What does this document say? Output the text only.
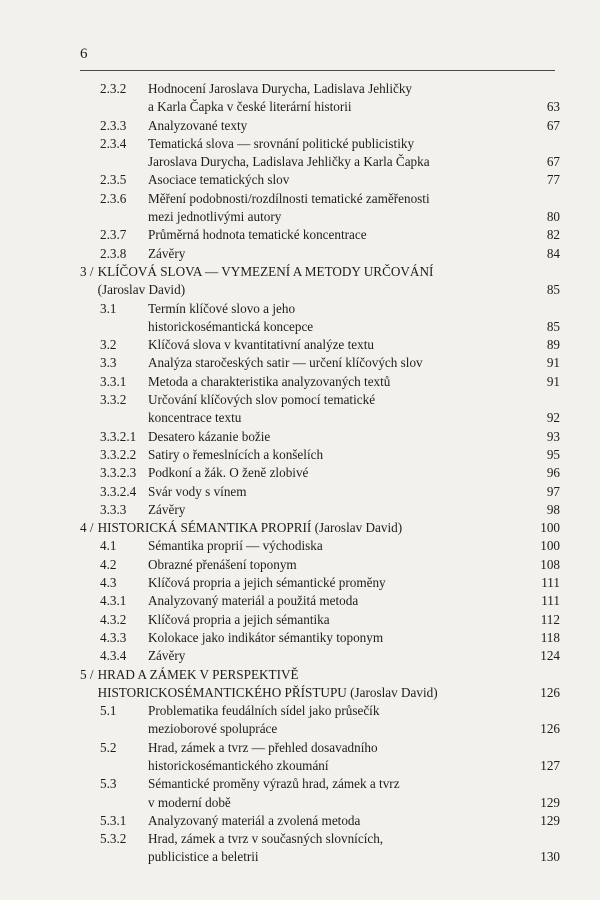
6
2.3.2	Hodnocení Jaroslava Durycha, Ladislava Jehličky
a Karla Čapka v české literární historii	63
2.3.3	Analyzované texty	67
2.3.4	Tematická slova — srovnání politické publicistiky
Jaroslava Durycha, Ladislava Jehličky a Karla Čapka	67
2.3.5	Asociace tematických slov	77
2.3.6	Měření podobnosti/rozdílnosti tematické zaměřenosti
mezi jednotlivými autory	80
2.3.7	Průměrná hodnota tematické koncentrace	82
2.3.8	Závěry	84
3 / KLÍČOVÁ SLOVA — VYMEZENÍ A METODY URČOVÁNÍ
(Jaroslav David)	85
3.1	Termín klíčové slovo a jeho
historickosémantická koncepce	85
3.2	Klíčová slova v kvantitativní analýze textu	89
3.3	Analýza staročeských satir — určení klíčových slov	91
3.3.1	Metoda a charakteristika analyzovaných textů	91
3.3.2	Určování klíčových slov pomocí tematické
koncentrace textu	92
3.3.2.1 Desatero kázanie božie	93
3.3.2.2 Satiry o řemeslnících a konšelích	95
3.3.2.3 Podkoní a žák. O ženě zlobivé	96
3.3.2.4 Svár vody s vínem	97
3.3.3	Závěry	98
4 / HISTORICKÁ SÉMANTIKA PROPRIÍ (Jaroslav David)	100
4.1	Sémantika proprií — východiska	100
4.2	Obrazné přenášení toponym	108
4.3	Klíčová propria a jejich sémantické proměny	111
4.3.1	Analyzovaný materiál a použitá metoda	111
4.3.2	Klíčová propria a jejich sémantika	112
4.3.3	Kolokace jako indikátor sémantiky toponym	118
4.3.4	Závěry	124
5 / HRAD A ZÁMEK V PERSPEKTIVĚ
HISTORICKOSÉMANTICKÉHO PŘÍSTUPU (Jaroslav David)	126
5.1	Problematika feudálních sídel jako průsečík
mezioborové spolupráce	126
5.2	Hrad, zámek a tvrz — přehled dosavadního
historickosémantického zkoumání	127
5.3	Sémantické proměny výrazů hrad, zámek a tvrz
v moderní době	129
5.3.1	Analyzovaný materiál a zvolená metoda	129
5.3.2	Hrad, zámek a tvrz v současných slovnících,
publicistice a beletrii	130
